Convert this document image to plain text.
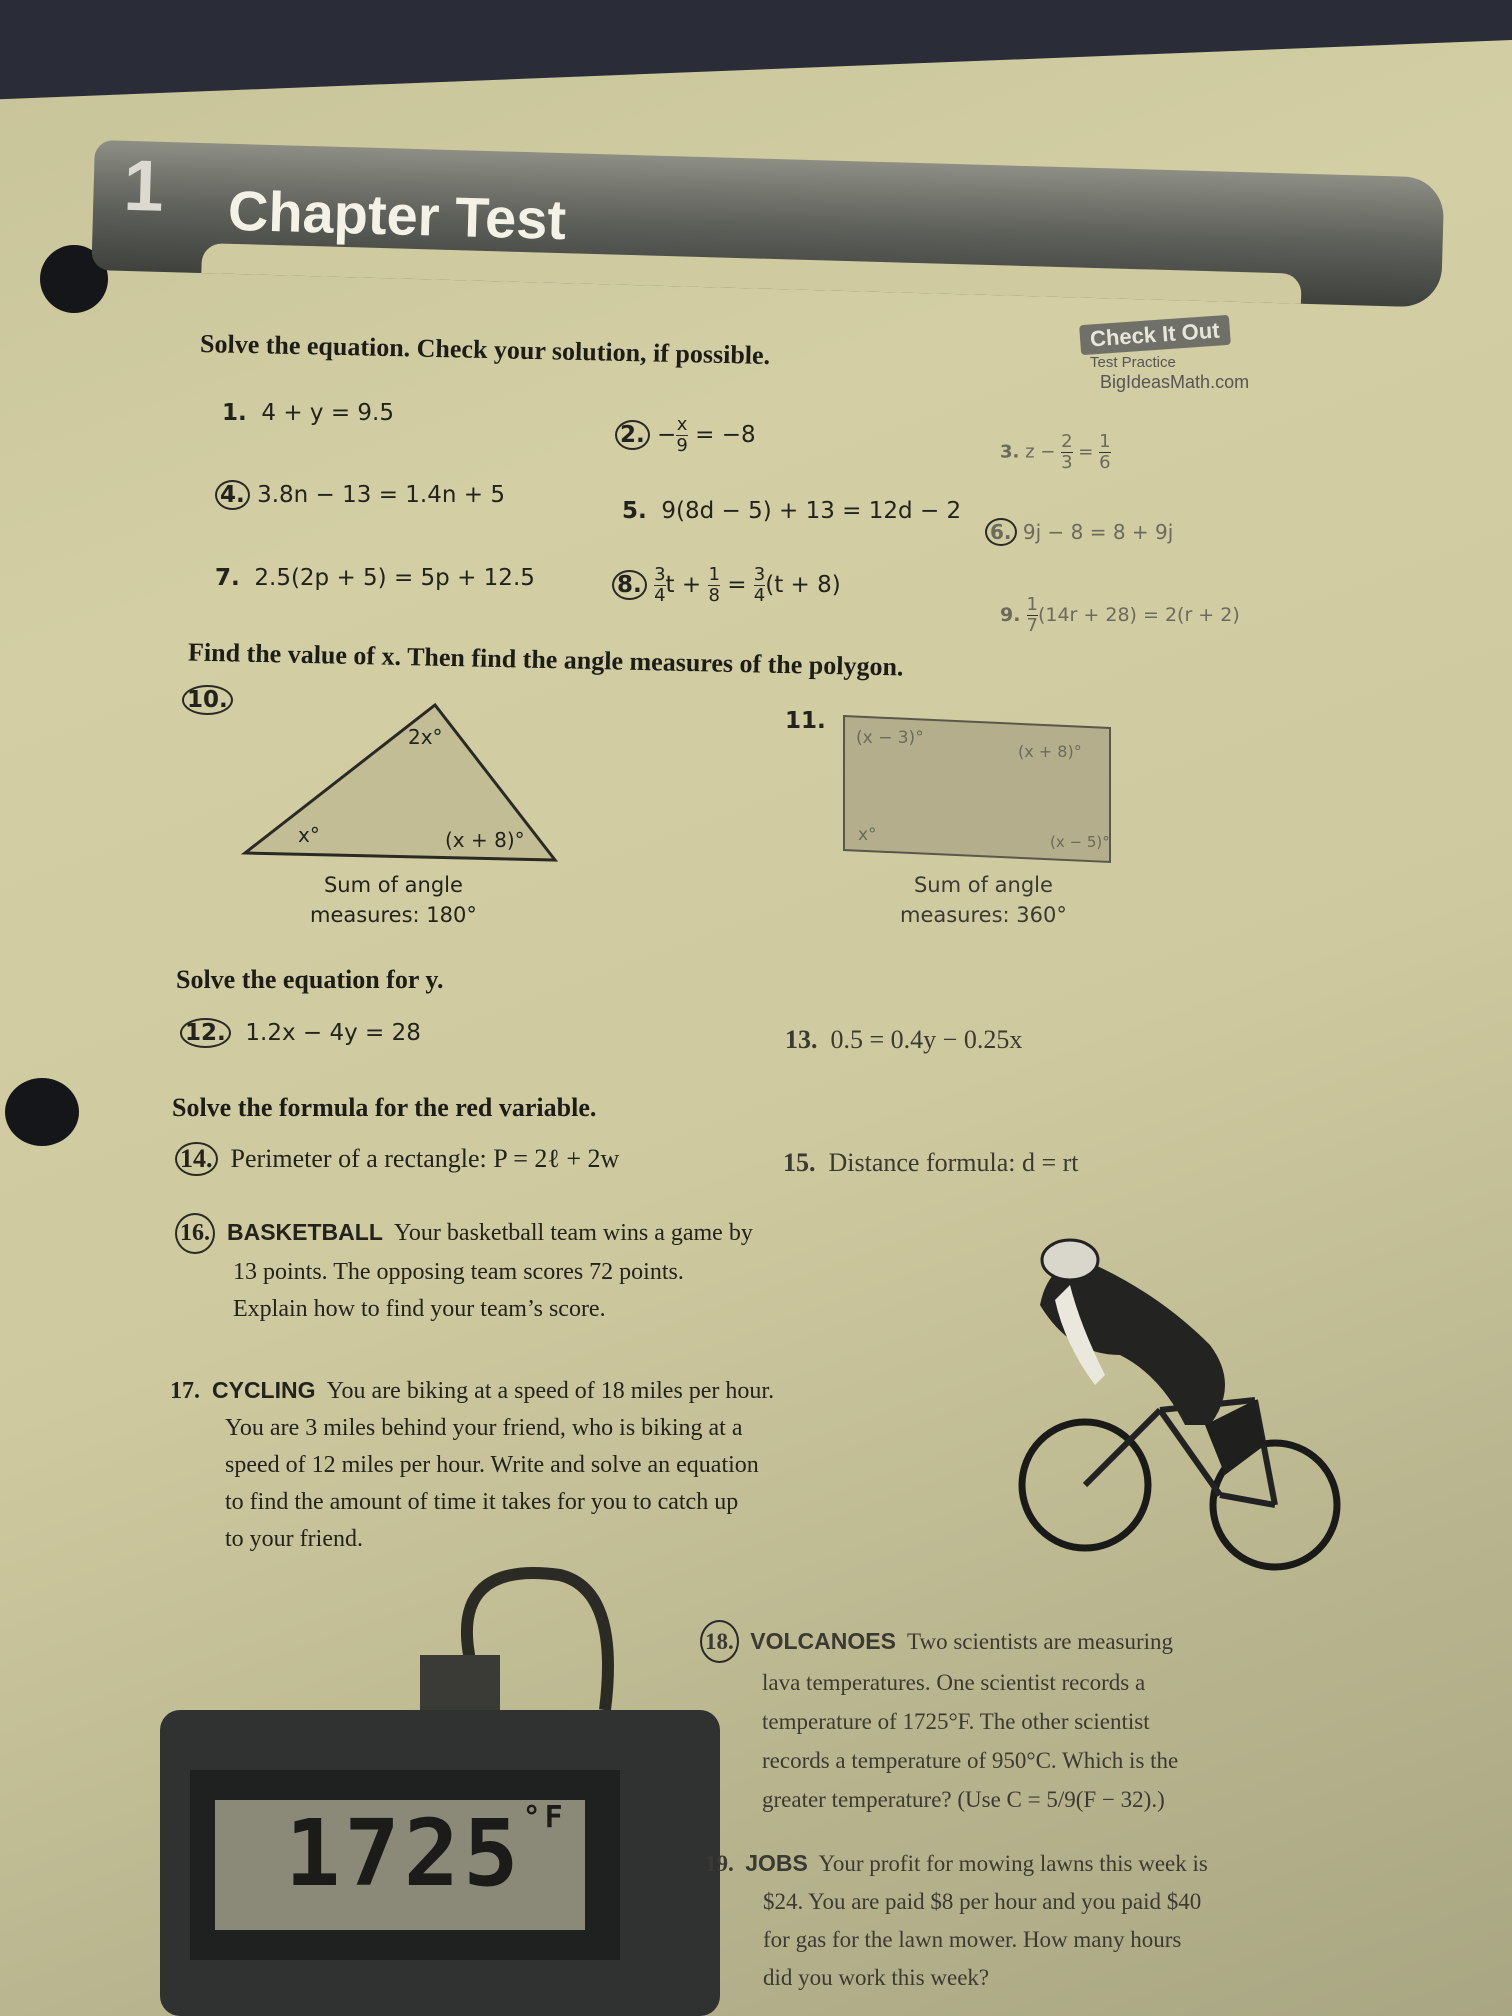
1 Chapter Test
Check It Out
Test Practice
BigIdeasMath.com
Solve the equation. Check your solution, if possible.
1. 4 + y = 9.5
2. − $\frac{x}{9} = -8$
3. $z - \frac{2}{3} = \frac{1}{6}$
4. 3.8n − 13 = 1.4n + 5
5. 9(8d − 5) + 13 = 12d − 2
6. 9j − 8 = 8 + 9j
7. 2.5(2p + 5) = 5p + 12.5	8. $\frac{3}{4}$ $t + \frac{1}{8} = \frac{3}{4} (t + 8)$
9. $\frac{1}{7} (14r + 28) = 2(r + 2)$
Find the value of x. Then find the angle measures of the polygon.
10.
2x°
x°	(x + 8)°
Sum of angle
measures: 180°
11.
(x − 3)°
(x + 8)°
x°	(x − 5)°
Sum of angle
measures: 360°
Solve the equation for y.
12. 1.2x − 4y = 28	13. 0.5 = 0.4y − 0.25x
Solve the formula for the red variable.
14. Perimeter of a rectangle: P = 2ℓ + 2w	15. Distance formula: d = rt
16. BASKETBALL Your basketball team wins a game by
13 points. The opposing team scores 72 points.
Explain how to find your team’s score.
17. CYCLING You are biking at a speed of 18 miles per hour.
You are 3 miles behind your friend, who is biking at a
speed of 12 miles per hour. Write and solve an equation
to find the amount of time it takes for you to catch up
to your friend.
$1725^{^\circ F}$
18. VOLCANOES Two scientists are measuring
lava temperatures. One scientist records a
temperature of 1725°F. The other scientist
records a temperature of 950°C. Which is the
greater temperature? (Use C = 5/9(F − 32).)
19. JOBS Your profit for mowing lawns this week is
$24. You are paid $8 per hour and you paid $40
for gas for the lawn mower. How many hours
did you work this week?
